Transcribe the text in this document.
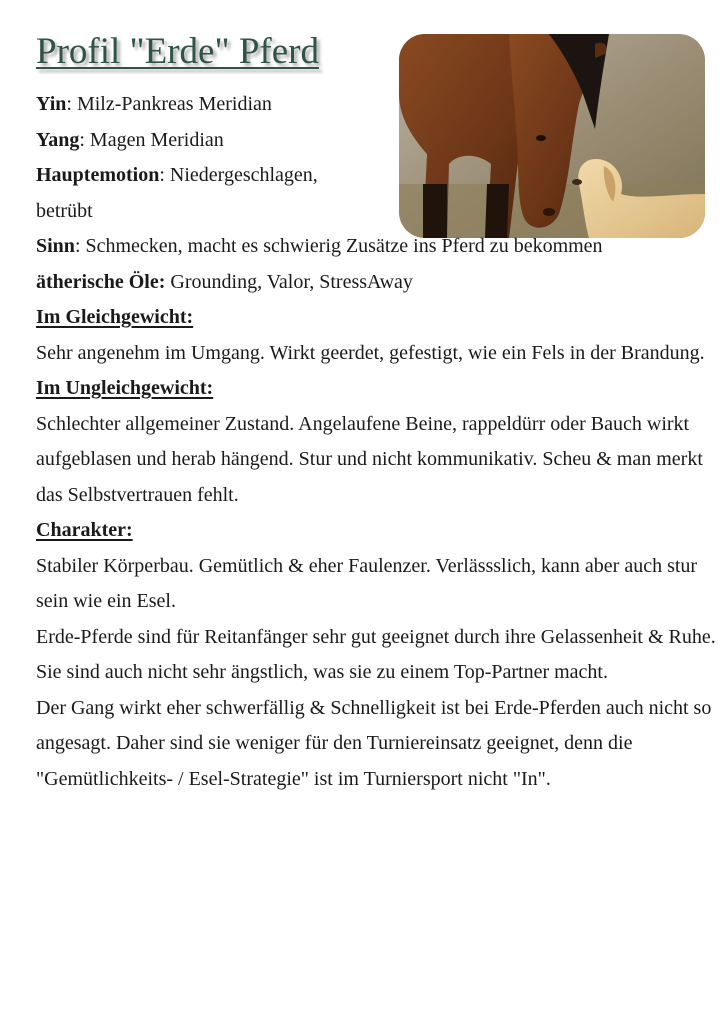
Profil "Erde" Pferd
Yin: Milz-Pankreas Meridian
Yang: Magen Meridian
Hauptemotion: Niedergeschlagen, betrübt
Sinn: Schmecken, macht es schwierig Zusätze ins Pferd zu bekommen
ätherische Öle: Grounding, Valor, StressAway
Im Gleichgewicht:
Sehr angenehm im Umgang. Wirkt geerdet, gefestigt, wie ein Fels in der Brandung.
Im Ungleichgewicht:
Schlechter allgemeiner Zustand. Angelaufene Beine, rappeldürr oder Bauch wirkt aufgeblasen und herab hängend. Stur und nicht kommunikativ. Scheu & man merkt das Selbstvertrauen fehlt.
Charakter:
Stabiler Körperbau. Gemütlich & eher Faulenzer. Verlässslich, kann aber auch stur sein wie ein Esel.
Erde-Pferde sind für Reitanfänger sehr gut geeignet durch ihre Gelassenheit & Ruhe. Sie sind auch nicht sehr ängstlich, was sie zu einem Top-Partner macht.
Der Gang wirkt eher schwerfällig & Schnelligkeit ist bei Erde-Pferden auch nicht so angesagt. Daher sind sie weniger für den Turniereinsatz geeignet, denn die "Gemütlichkeits- / Esel-Strategie" ist im Turniersport nicht "In".
